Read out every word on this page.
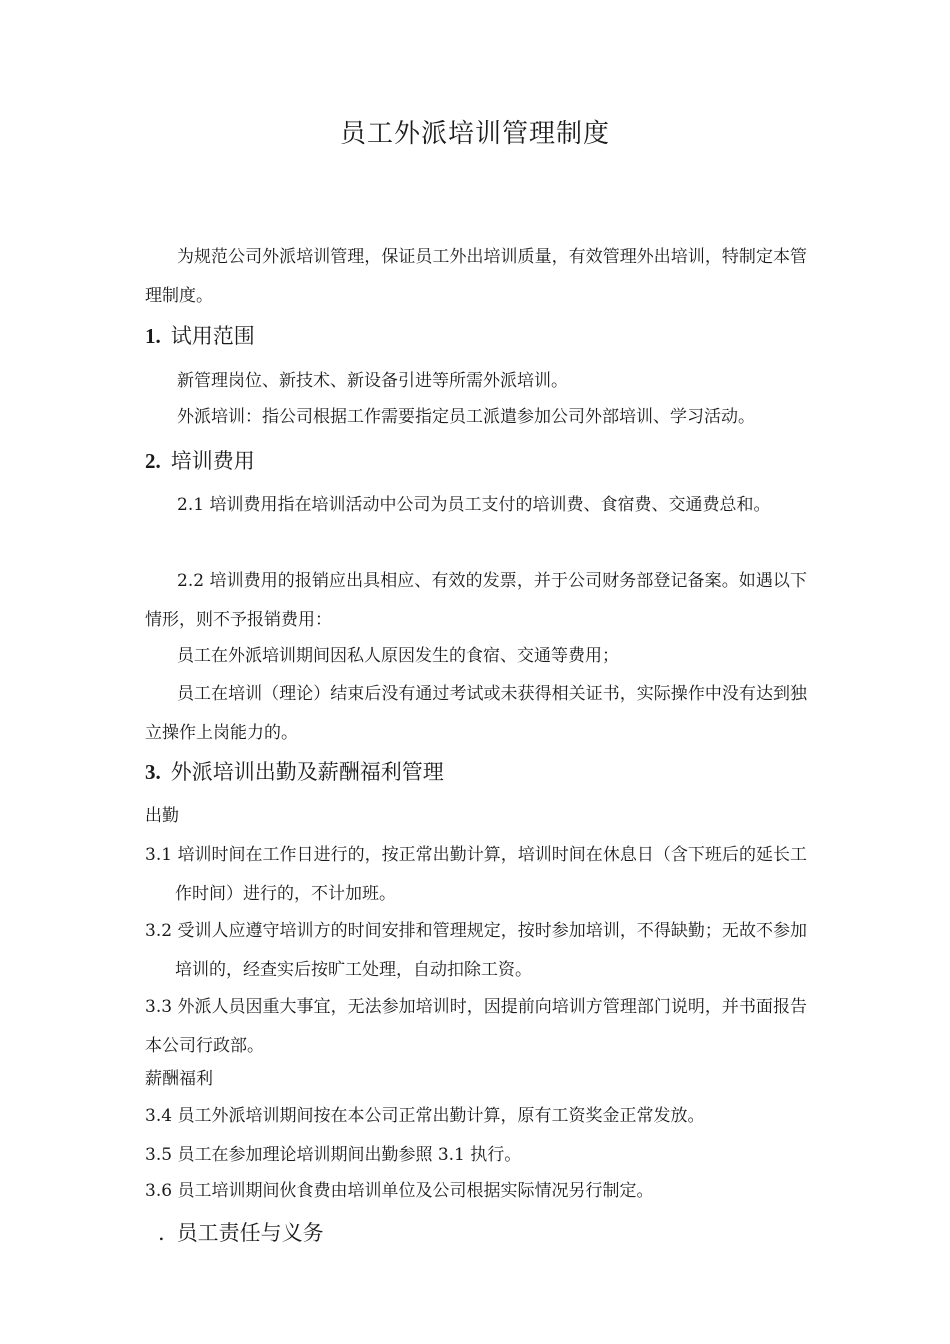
员工外派培训管理制度

为规范公司外派培训管理，保证员工外出培训质量，有效管理外出培训，特制定本管理制度。

1. 试用范围

新管理岗位、新技术、新设备引进等所需外派培训。

外派培训：指公司根据工作需要指定员工派遣参加公司外部培训、学习活动。

2. 培训费用

2.1 培训费用指在培训活动中公司为员工支付的培训费、食宿费、交通费总和。

2.2 培训费用的报销应出具相应、有效的发票，并于公司财务部登记备案。如遇以下情形，则不予报销费用：

员工在外派培训期间因私人原因发生的食宿、交通等费用；

员工在培训（理论）结束后没有通过考试或未获得相关证书，实际操作中没有达到独立操作上岗能力的。

3. 外派培训出勤及薪酬福利管理

出勤

3.1 培训时间在工作日进行的，按正常出勤计算，培训时间在休息日（含下班后的延长工作时间）进行的，不计加班。

3.2 受训人应遵守培训方的时间安排和管理规定，按时参加培训，不得缺勤；无故不参加培训的，经查实后按旷工处理，自动扣除工资。

3.3 外派人员因重大事宜，无法参加培训时，因提前向培训方管理部门说明，并书面报告本公司行政部。

薪酬福利

3.4 员工外派培训期间按在本公司正常出勤计算，原有工资奖金正常发放。

3.5 员工在参加理论培训期间出勤参照 3.1 执行。

3.6 员工培训期间伙食费由培训单位及公司根据实际情况另行制定。

. 员工责任与义务
